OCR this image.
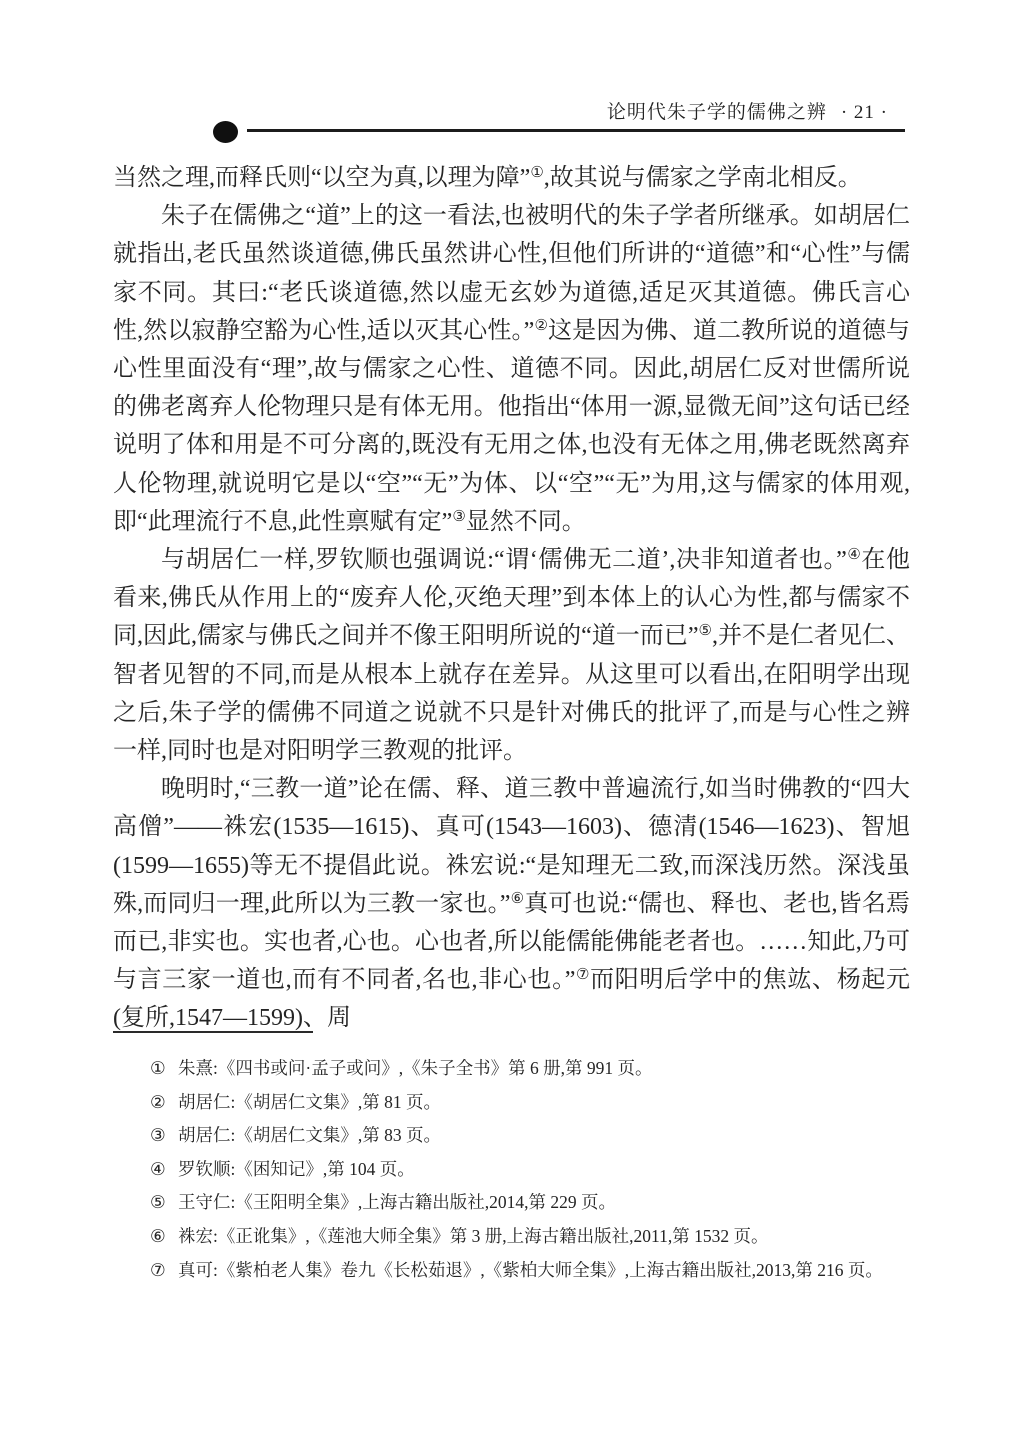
论明代朱子学的儒佛之辨 · 21 ·

当然之理,而释氏则“以空为真,以理为障”①,故其说与儒家之学南北相反。

朱子在儒佛之“道”上的这一看法,也被明代的朱子学者所继承。如胡居仁就指出,老氏虽然谈道德,佛氏虽然讲心性,但他们所讲的“道德”和“心性”与儒家不同。其曰:“老氏谈道德,然以虚无玄妙为道德,适足灭其道德。佛氏言心性,然以寂静空豁为心性,适以灭其心性。”②这是因为佛、道二教所说的道德与心性里面没有“理”,故与儒家之心性、道德不同。因此,胡居仁反对世儒所说的佛老离弃人伦物理只是有体无用。他指出“体用一源,显微无间”这句话已经说明了体和用是不可分离的,既没有无用之体,也没有无体之用,佛老既然离弃人伦物理,就说明它是以“空”“无”为体、以“空”“无”为用,这与儒家的体用观,即“此理流行不息,此性禀赋有定”③显然不同。

与胡居仁一样,罗钦顺也强调说:“谓‘儒佛无二道’,决非知道者也。”④在他看来,佛氏从作用上的“废弃人伦,灭绝天理”到本体上的认心为性,都与儒家不同,因此,儒家与佛氏之间并不像王阳明所说的“道一而已”⑤,并不是仁者见仁、智者见智的不同,而是从根本上就存在差异。从这里可以看出,在阳明学出现之后,朱子学的儒佛不同道之说就不只是针对佛氏的批评了,而是与心性之辨一样,同时也是对阳明学三教观的批评。

晚明时,“三教一道”论在儒、释、道三教中普遍流行,如当时佛教的“四大高僧”——袾宏(1535—1615)、真可(1543—1603)、德清(1546—1623)、智旭(1599—1655)等无不提倡此说。袾宏说:“是知理无二致,而深浅历然。深浅虽殊,而同归一理,此所以为三教一家也。”⑥真可也说:“儒也、释也、老也,皆名焉而已,非实也。实也者,心也。心也者,所以能儒能佛能老者也。……知此,乃可与言三家一道也,而有不同者,名也,非心也。”⑦而阳明后学中的焦竑、杨起元(复所,1547—1599)、周

① 朱熹:《四书或问·孟子或问》,《朱子全书》第 6 册,第 991 页。
② 胡居仁:《胡居仁文集》,第 81 页。
③ 胡居仁:《胡居仁文集》,第 83 页。
④ 罗钦顺:《困知记》,第 104 页。
⑤ 王守仁:《王阳明全集》,上海古籍出版社,2014,第 229 页。
⑥ 袾宏:《正讹集》,《莲池大师全集》第 3 册,上海古籍出版社,2011,第 1532 页。
⑦ 真可:《紫柏老人集》卷九《长松茹退》,《紫柏大师全集》,上海古籍出版社,2013,第 216 页。
